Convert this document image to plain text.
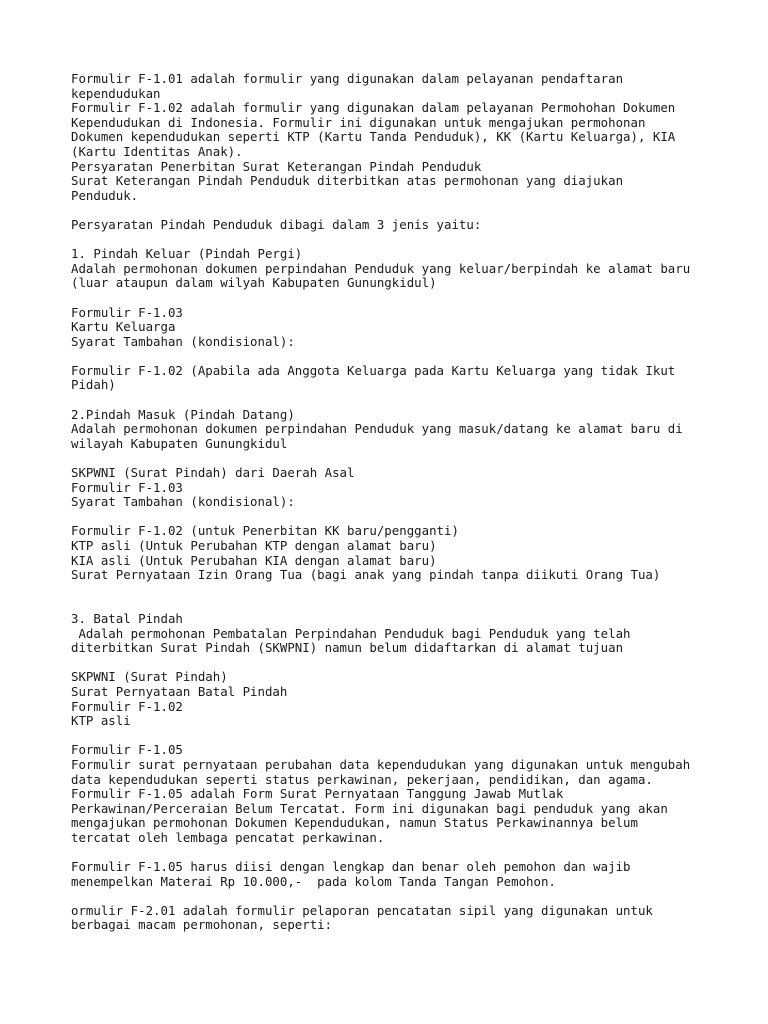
Formulir F-1.01 adalah formulir yang digunakan dalam pelayanan pendaftaran
kependudukan
Formulir F-1.02 adalah formulir yang digunakan dalam pelayanan Permohohan Dokumen
Kependudukan di Indonesia. Formulir ini digunakan untuk mengajukan permohonan
Dokumen kependudukan seperti KTP (Kartu Tanda Penduduk), KK (Kartu Keluarga), KIA
(Kartu Identitas Anak).
Persyaratan Penerbitan Surat Keterangan Pindah Penduduk
Surat Keterangan Pindah Penduduk diterbitkan atas permohonan yang diajukan
Penduduk.
Persyaratan Pindah Penduduk dibagi dalam 3 jenis yaitu:
1. Pindah Keluar (Pindah Pergi)
Adalah permohonan dokumen perpindahan Penduduk yang keluar/berpindah ke alamat baru
(luar ataupun dalam wilyah Kabupaten Gunungkidul)
Formulir F-1.03
Kartu Keluarga
Syarat Tambahan (kondisional):
Formulir F-1.02 (Apabila ada Anggota Keluarga pada Kartu Keluarga yang tidak Ikut
Pidah)
2.Pindah Masuk (Pindah Datang)
Adalah permohonan dokumen perpindahan Penduduk yang masuk/datang ke alamat baru di
wilayah Kabupaten Gunungkidul
SKPWNI (Surat Pindah) dari Daerah Asal
Formulir F-1.03
Syarat Tambahan (kondisional):
Formulir F-1.02 (untuk Penerbitan KK baru/pengganti)
KTP asli (Untuk Perubahan KTP dengan alamat baru)
KIA asli (Untuk Perubahan KIA dengan alamat baru)
Surat Pernyataan Izin Orang Tua (bagi anak yang pindah tanpa diikuti Orang Tua)
3. Batal Pindah
Adalah permohonan Pembatalan Perpindahan Penduduk bagi Penduduk yang telah
diterbitkan Surat Pindah (SKWPNI) namun belum didaftarkan di alamat tujuan
SKPWNI (Surat Pindah)
Surat Pernyataan Batal Pindah
Formulir F-1.02
KTP asli
Formulir F-1.05
Formulir surat pernyataan perubahan data kependudukan yang digunakan untuk mengubah
data kependudukan seperti status perkawinan, pekerjaan, pendidikan, dan agama.
Formulir F-1.05 adalah Form Surat Pernyataan Tanggung Jawab Mutlak
Perkawinan/Perceraian Belum Tercatat. Form ini digunakan bagi penduduk yang akan
mengajukan permohonan Dokumen Kependudukan, namun Status Perkawinannya belum
tercatat oleh lembaga pencatat perkawinan.
Formulir F-1.05 harus diisi dengan lengkap dan benar oleh pemohon dan wajib
menempelkan Materai Rp 10.000,-  pada kolom Tanda Tangan Pemohon.
ormulir F-2.01 adalah formulir pelaporan pencatatan sipil yang digunakan untuk
berbagai macam permohonan, seperti:
